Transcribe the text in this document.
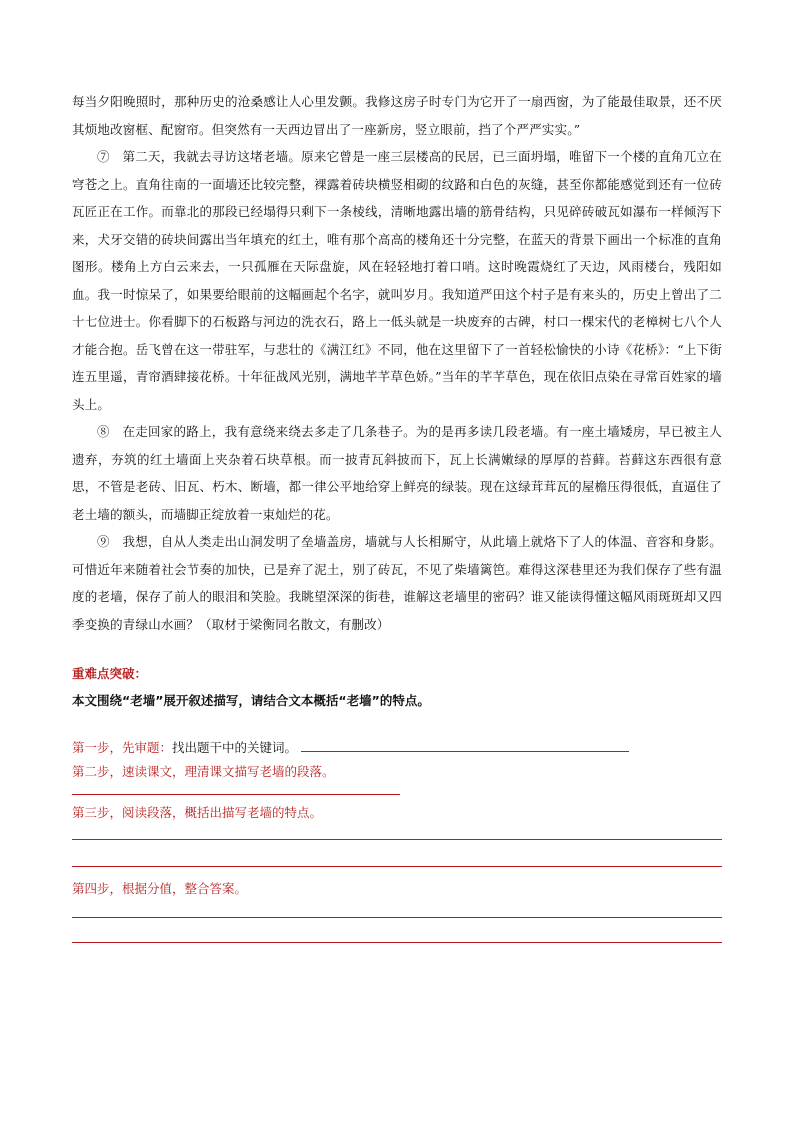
每当夕阳晚照时，那种历史的沧桑感让人心里发颤。我修这房子时专门为它开了一扇西窗，为了能最佳取景，还不厌其烦地改窗框、配窗帘。但突然有一天西边冒出了一座新房，竖立眼前，挡了个严严实实。”

⑦　第二天，我就去寻访这堵老墙。原来它曾是一座三层楼高的民居，已三面坍塌，唯留下一个楼的直角兀立在穹苍之上。直角往南的一面墙还比较完整，裸露着砖块横竖相砌的纹路和白色的灰缝，甚至你都能感觉到还有一位砖瓦匠正在工作。而靠北的那段已经塌得只剩下一条棱线，清晰地露出墙的筋骨结构，只见碎砖破瓦如瀑布一样倾泻下来，犬牙交错的砖块间露出当年填充的红土，唯有那个高高的楼角还十分完整，在蓝天的背景下画出一个标准的直角图形。楼角上方白云来去，一只孤雁在天际盘旋，风在轻轻地打着口哨。这时晚霞烧红了天边，风雨楼台，残阳如血。我一时惊呆了，如果要给眼前的这幅画起个名字，就叫岁月。我知道严田这个村子是有来头的，历史上曾出了二十七位进士。你看脚下的石板路与河边的洗衣石，路上一低头就是一块废弃的古碑，村口一棵宋代的老樟树七八个人才能合抱。岳飞曾在这一带驻军，与悲壮的《满江红》不同，他在这里留下了一首轻松愉快的小诗《花桥》：“上下街连五里遥，青帘酒肆接花桥。十年征战风光别，满地芊芊草色娇。”当年的芊芊草色，现在依旧点染在寻常百姓家的墙头上。

⑧　在走回家的路上，我有意绕来绕去多走了几条巷子。为的是再多读几段老墙。有一座土墙矮房，早已被主人遗弃，夯筑的红土墙面上夹杂着石块草根。而一披青瓦斜披而下，瓦上长满嫩绿的厚厚的苔藓。苔藓这东西很有意思，不管是老砖、旧瓦、朽木、断墙，都一律公平地给穿上鲜亮的绿装。现在这绿茸茸瓦的屋檐压得很低，直逼住了老土墙的额头，而墙脚正绽放着一束灿烂的花。

⑨　我想，自从人类走出山洞发明了垒墙盖房，墙就与人长相厮守，从此墙上就烙下了人的体温、音容和身影。可惜近年来随着社会节奏的加快，已是弃了泥土，别了砖瓦，不见了柴墙篱笆。难得这深巷里还为我们保存了些有温度的老墙，保存了前人的眼泪和笑脸。我眺望深深的街巷，谁解这老墙里的密码？谁又能读得懂这幅风雨斑斑却又四季变换的青绿山水画？（取材于梁衡同名散文，有删改）

重难点突破：

本文围绕“老墙”展开叙述描写，请结合文本概括“老墙”的特点。

第一步，先审题：找出题干中的关键词。

第二步，速读课文，理清课文描写老墙的段落。

第三步，阅读段落，概括出描写老墙的特点。

第四步，根据分值，整合答案。
